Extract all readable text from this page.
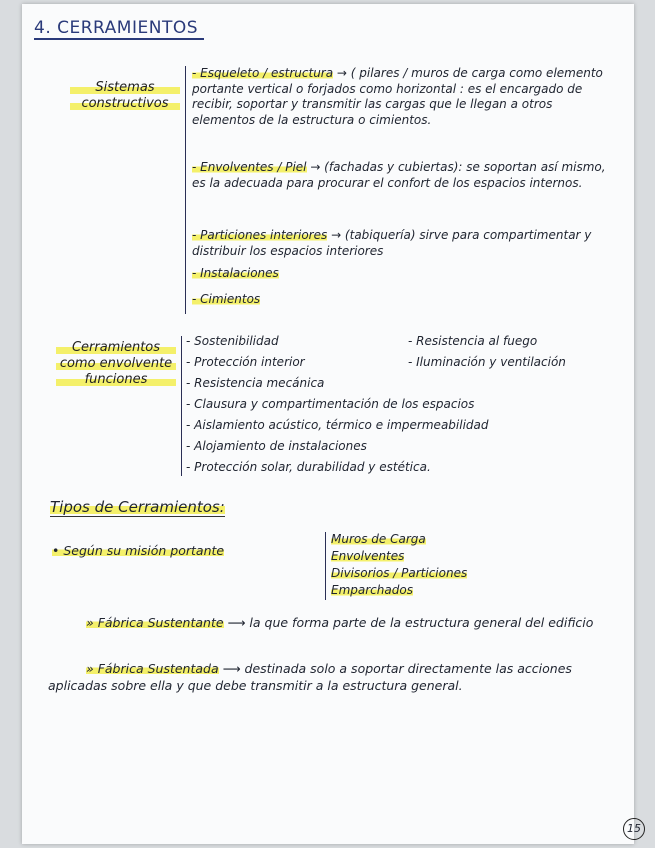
4. CERRAMIENTOS
Sistemas
constructivos
- Esqueleto / estructura → ( pilares / muros de carga como elemento portante vertical o forjados como horizontal : es el encargado de recibir, soportar y transmitir las cargas que le llegan a otros elementos de la estructura o cimientos.
- Envolventes / Piel → (fachadas y cubiertas): se soportan así mismo, es la adecuada para procurar el confort de los espacios internos.
- Particiones interiores → (tabiquería) sirve para compartimentar y distribuir los espacios interiores
- Instalaciones
- Cimientos
Cerramientos
como envolvente
funciones
- Sostenibilidad
- Protección interior
- Resistencia mecánica
- Resistencia al fuego
- Iluminación y ventilación
- Clausura y compartimentación de los espacios
- Aislamiento acústico, térmico e impermeabilidad
- Alojamiento de instalaciones
- Protección solar, durabilidad y estética.
Tipos de Cerramientos:
• Según su misión portante
Muros de Carga
Envolventes
Divisorios / Particiones
Emparchados
» Fábrica Sustentante ⟶ la que forma parte de la estructura general del edificio
» Fábrica Sustentada ⟶ destinada solo a soportar directamente las acciones aplicadas sobre ella y que debe transmitir a la estructura general.
15
